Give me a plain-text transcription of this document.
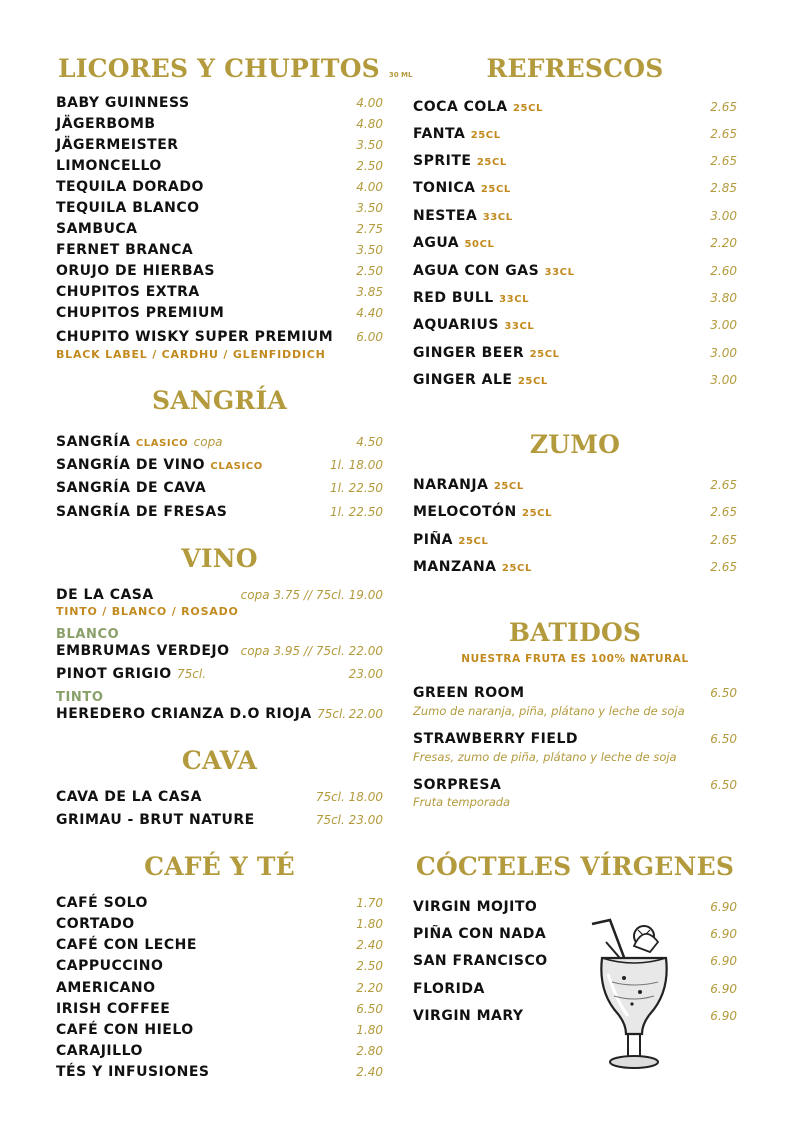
LICORES Y CHUPITOS 30 ML
BABY GUINNESS	4.00
JÄGERBOMB	4.80
JÄGERMEISTER	3.50
LIMONCELLO	2.50
TEQUILA DORADO	4.00
TEQUILA BLANCO	3.50
SAMBUCA	2.75
FERNET BRANCA	3.50
ORUJO DE HIERBAS	2.50
CHUPITOS EXTRA	3.85
CHUPITOS PREMIUM	4.40
CHUPITO WISKY SUPER PREMIUM 6.00
BLACK LABEL / CARDHU / GLENFIDDICH
SANGRÍA
SANGRÍA CLASICO copa	4.50
SANGRÍA DE VINO CLASICO	1l. 18.00
SANGRÍA DE CAVA	1l. 22.50
SANGRÍA DE FRESAS	1l. 22.50
VINO
DE LA CASA	copa 3.75 // 75cl. 19.00
TINTO / BLANCO / ROSADO
BLANCO
EMBRUMAS VERDEJO copa 3.95 // 75cl. 22.00
PINOT GRIGIO 75cl.	23.00
TINTO
HEREDERO CRIANZA D.O RIOJA 75cl. 22.00
CAVA
CAVA DE LA CASA	75cl. 18.00
GRIMAU - BRUT NATURE	75cl. 23.00
CAFÉ Y TÉ
CAFÉ SOLO	1.70
CORTADO	1.80
CAFÉ CON LECHE	2.40
CAPPUCCINO	2.50
AMERICANO	2.20
IRISH COFFEE	6.50
CAFÉ CON HIELO	1.80
CARAJILLO	2.80
TÉS Y INFUSIONES	2.40
REFRESCOS
COCA COLA 25CL	2.65
FANTA 25CL	2.65
SPRITE 25CL	2.65
TONICA 25CL	2.85
NESTEA 33CL	3.00
AGUA 50CL	2.20
AGUA CON GAS 33CL	2.60
RED BULL 33CL	3.80
AQUARIUS 33CL	3.00
GINGER BEER 25CL	3.00
GINGER ALE 25CL	3.00
ZUMO
NARANJA 25CL	2.65
MELOCOTÓN 25CL	2.65
PIÑA 25CL	2.65
MANZANA 25CL	2.65
BATIDOS
NUESTRA FRUTA ES 100% NATURAL
GREEN ROOM	6.50
Zumo de naranja, piña, plátano y leche de soja
STRAWBERRY FIELD	6.50
Fresas, zumo de piña, plátano y leche de soja
SORPRESA	6.50
Fruta temporada
CÓCTELES VÍRGENES
VIRGIN MOJITO	6.90
PIÑA CON NADA	6.90
SAN FRANCISCO	6.90
FLORIDA	6.90
VIRGIN MARY	6.90
